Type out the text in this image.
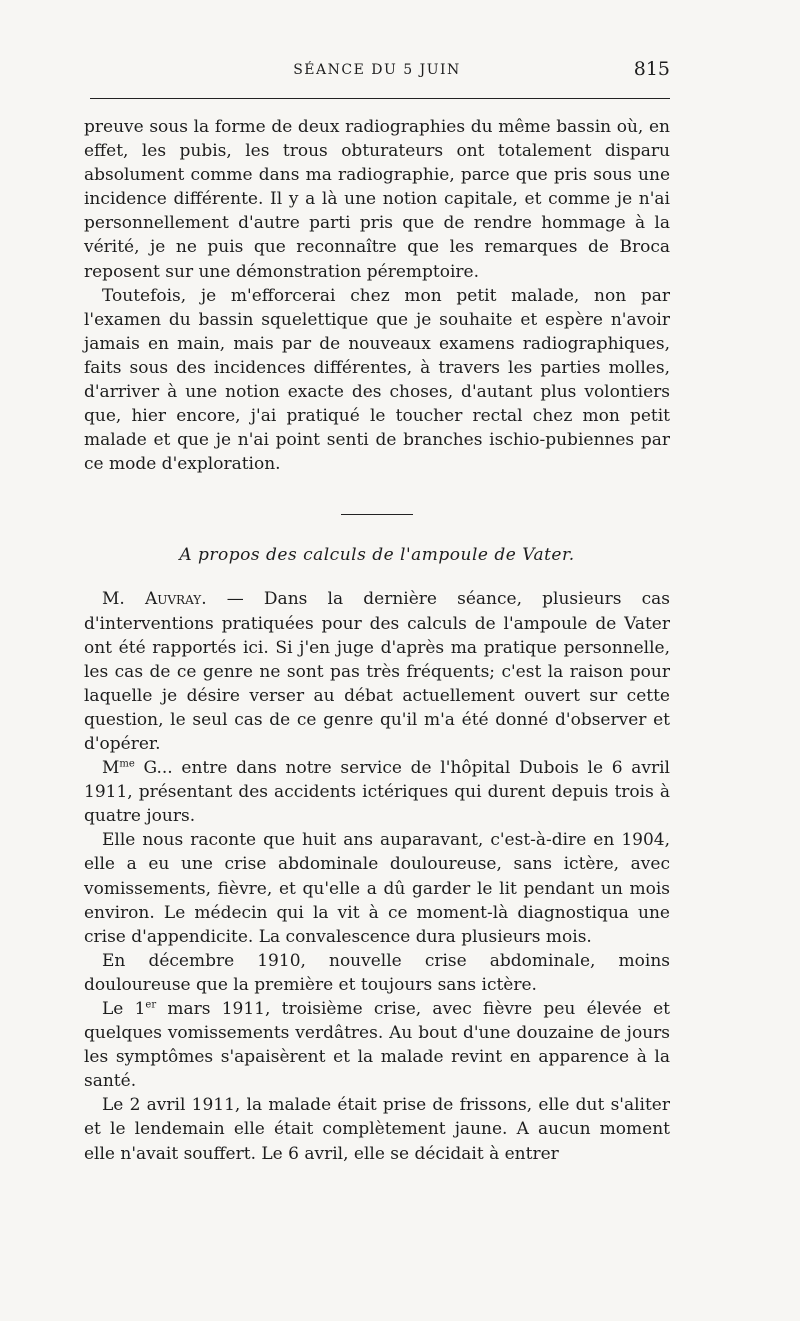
SÉANCE DU 5 JUIN	815

preuve sous la forme de deux radiographies du même bassin où, en effet, les pubis, les trous obturateurs ont totalement disparu absolument comme dans ma radiographie, parce que pris sous une incidence différente. Il y a là une notion capitale, et comme je n'ai personnellement d'autre parti pris que de rendre hommage à la vérité, je ne puis que reconnaître que les remarques de Broca reposent sur une démonstration péremptoire.

Toutefois, je m'efforcerai chez mon petit malade, non par l'examen du bassin squelettique que je souhaite et espère n'avoir jamais en main, mais par de nouveaux examens radiographiques, faits sous des incidences différentes, à travers les parties molles, d'arriver à une notion exacte des choses, d'autant plus volontiers que, hier encore, j'ai pratiqué le toucher rectal chez mon petit malade et que je n'ai point senti de branches ischio-pubiennes par ce mode d'exploration.

A propos des calculs de l'ampoule de Vater.

M. Auvray. — Dans la dernière séance, plusieurs cas d'interventions pratiquées pour des calculs de l'ampoule de Vater ont été rapportés ici. Si j'en juge d'après ma pratique personnelle, les cas de ce genre ne sont pas très fréquents; c'est la raison pour laquelle je désire verser au débat actuellement ouvert sur cette question, le seul cas de ce genre qu'il m'a été donné d'observer et d'opérer.

$M^{me}$ G... entre dans notre service de l'hôpital Dubois le 6 avril 1911, présentant des accidents ictériques qui durent depuis trois à quatre jours.

Elle nous raconte que huit ans auparavant, c'est-à-dire en 1904, elle a eu une crise abdominale douloureuse, sans ictère, avec vomissements, fièvre, et qu'elle a dû garder le lit pendant un mois environ. Le médecin qui la vit à ce moment-là diagnostiqua une crise d'appendicite. La convalescence dura plusieurs mois.

En décembre 1910, nouvelle crise abdominale, moins douloureuse que la première et toujours sans ictère.

Le 1er mars 1911, troisième crise, avec fièvre peu élevée et quelques vomissements verdâtres. Au bout d'une douzaine de jours les symptômes s'apaisèrent et la malade revint en apparence à la santé.

Le 2 avril 1911, la malade était prise de frissons, elle dut s'aliter et le lendemain elle était complètement jaune. A aucun moment elle n'avait souffert. Le 6 avril, elle se décidait à entrer
